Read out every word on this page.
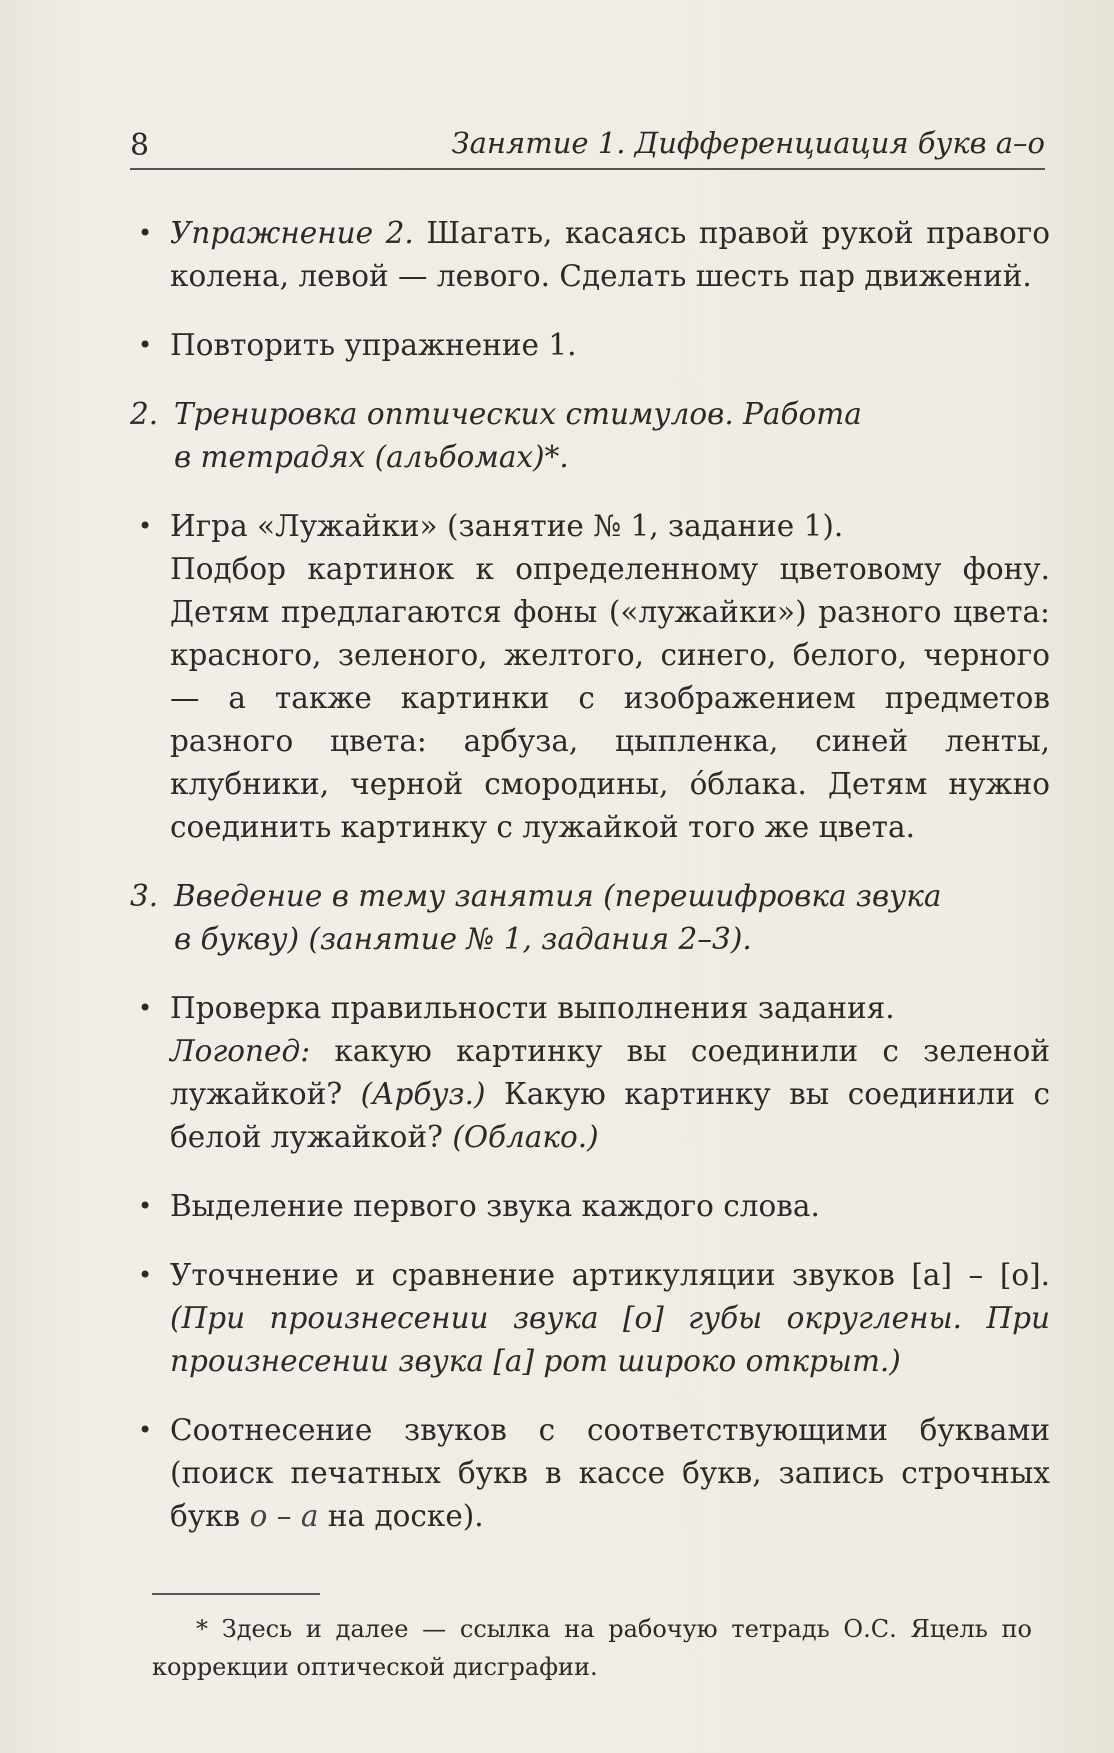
8	Занятие 1. Дифференциация букв а–о
• Упражнение 2. Шагать, касаясь правой рукой правого колена, левой — левого. Сделать шесть пар движений.
• Повторить упражнение 1.
2. Тренировка оптических стимулов. Работа
в тетрадях (альбомах)*.
• Игра «Лужайки» (занятие № 1, задание 1).
Подбор картинок к определенному цветовому фону. Детям предлагаются фоны («лужайки») разного цвета: красного, зеленого, желтого, синего, белого, черного — а также картинки с изображением предметов разного цвета: арбуза, цыпленка, синей ленты, клубники, черной смородины, óблака. Детям нужно соединить картинку с лужайкой того же цвета.
3. Введение в тему занятия (перешифровка звука
в букву) (занятие № 1, задания 2–3).
• Проверка правильности выполнения задания.
Логопед: какую картинку вы соединили с зеленой лужайкой? (Арбуз.) Какую картинку вы соединили с белой лужайкой? (Облако.)
• Выделение первого звука каждого слова.
• Уточнение и сравнение артикуляции звуков [а] – [о]. (При произнесении звука [о] губы округлены. При произнесении звука [а] рот широко открыт.)
• Соотнесение звуков с соответствующими буквами (поиск печатных букв в кассе букв, запись строчных букв о – а на доске).
* Здесь и далее — ссылка на рабочую тетрадь О.С. Яцель по коррекции оптической дисграфии.
